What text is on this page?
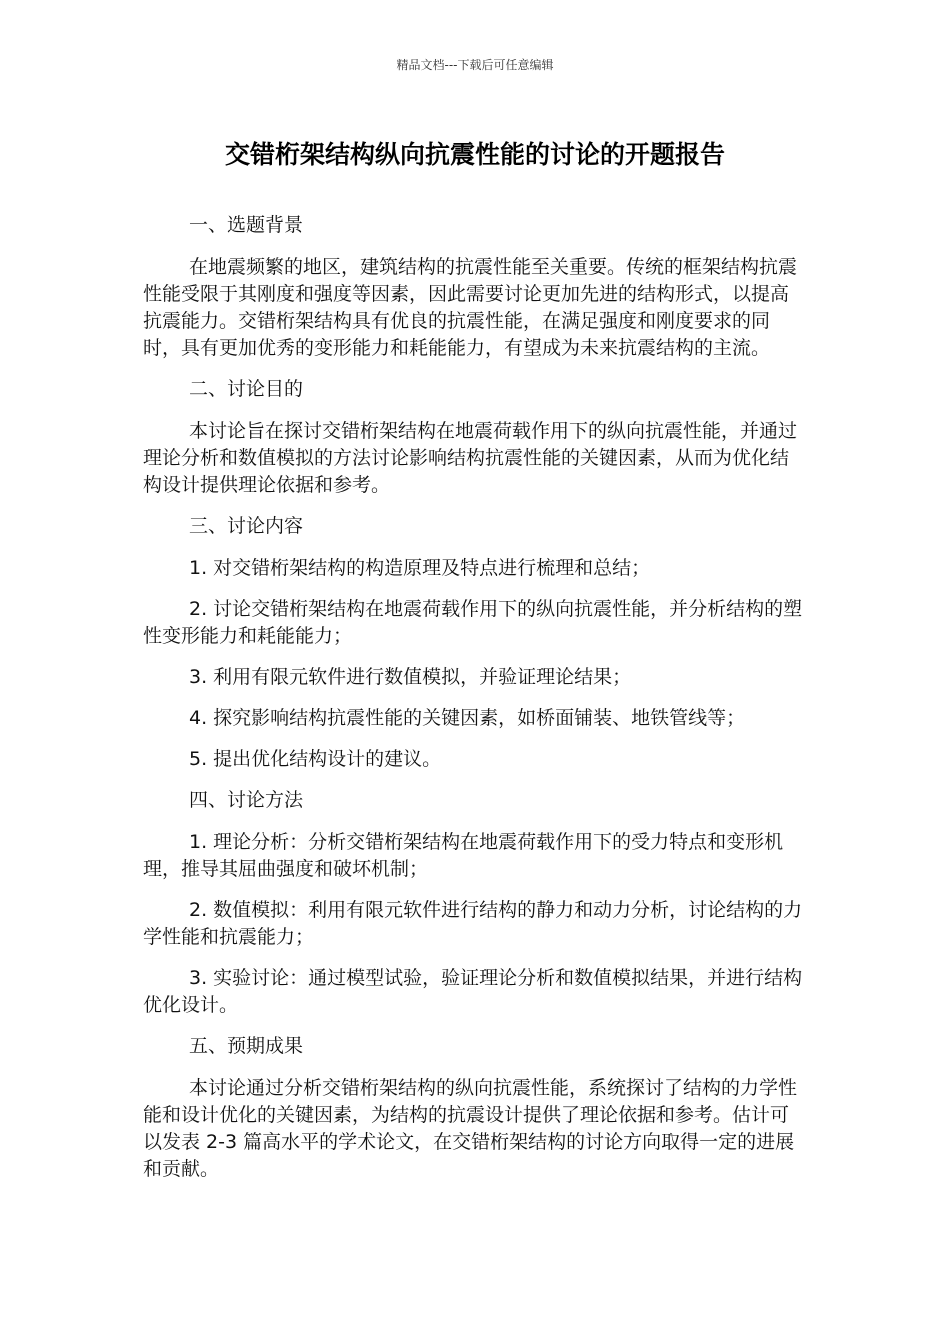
精品文档---下载后可任意编辑
交错桁架结构纵向抗震性能的讨论的开题报告

一、选题背景

在地震频繁的地区，建筑结构的抗震性能至关重要。传统的框架结构抗震性能受限于其刚度和强度等因素，因此需要讨论更加先进的结构形式，以提高抗震能力。交错桁架结构具有优良的抗震性能，在满足强度和刚度要求的同时，具有更加优秀的变形能力和耗能能力，有望成为未来抗震结构的主流。

二、讨论目的

本讨论旨在探讨交错桁架结构在地震荷载作用下的纵向抗震性能，并通过理论分析和数值模拟的方法讨论影响结构抗震性能的关键因素，从而为优化结构设计提供理论依据和参考。

三、讨论内容

1. 对交错桁架结构的构造原理及特点进行梳理和总结；

2. 讨论交错桁架结构在地震荷载作用下的纵向抗震性能，并分析结构的塑性变形能力和耗能能力；

3. 利用有限元软件进行数值模拟，并验证理论结果；

4. 探究影响结构抗震性能的关键因素，如桥面铺装、地铁管线等；

5. 提出优化结构设计的建议。

四、讨论方法

1. 理论分析：分析交错桁架结构在地震荷载作用下的受力特点和变形机理，推导其屈曲强度和破坏机制；

2. 数值模拟：利用有限元软件进行结构的静力和动力分析，讨论结构的力学性能和抗震能力；

3. 实验讨论：通过模型试验，验证理论分析和数值模拟结果，并进行结构优化设计。

五、预期成果

本讨论通过分析交错桁架结构的纵向抗震性能，系统探讨了结构的力学性能和设计优化的关键因素，为结构的抗震设计提供了理论依据和参考。估计可以发表 2-3 篇高水平的学术论文，在交错桁架结构的讨论方向取得一定的进展和贡献。
